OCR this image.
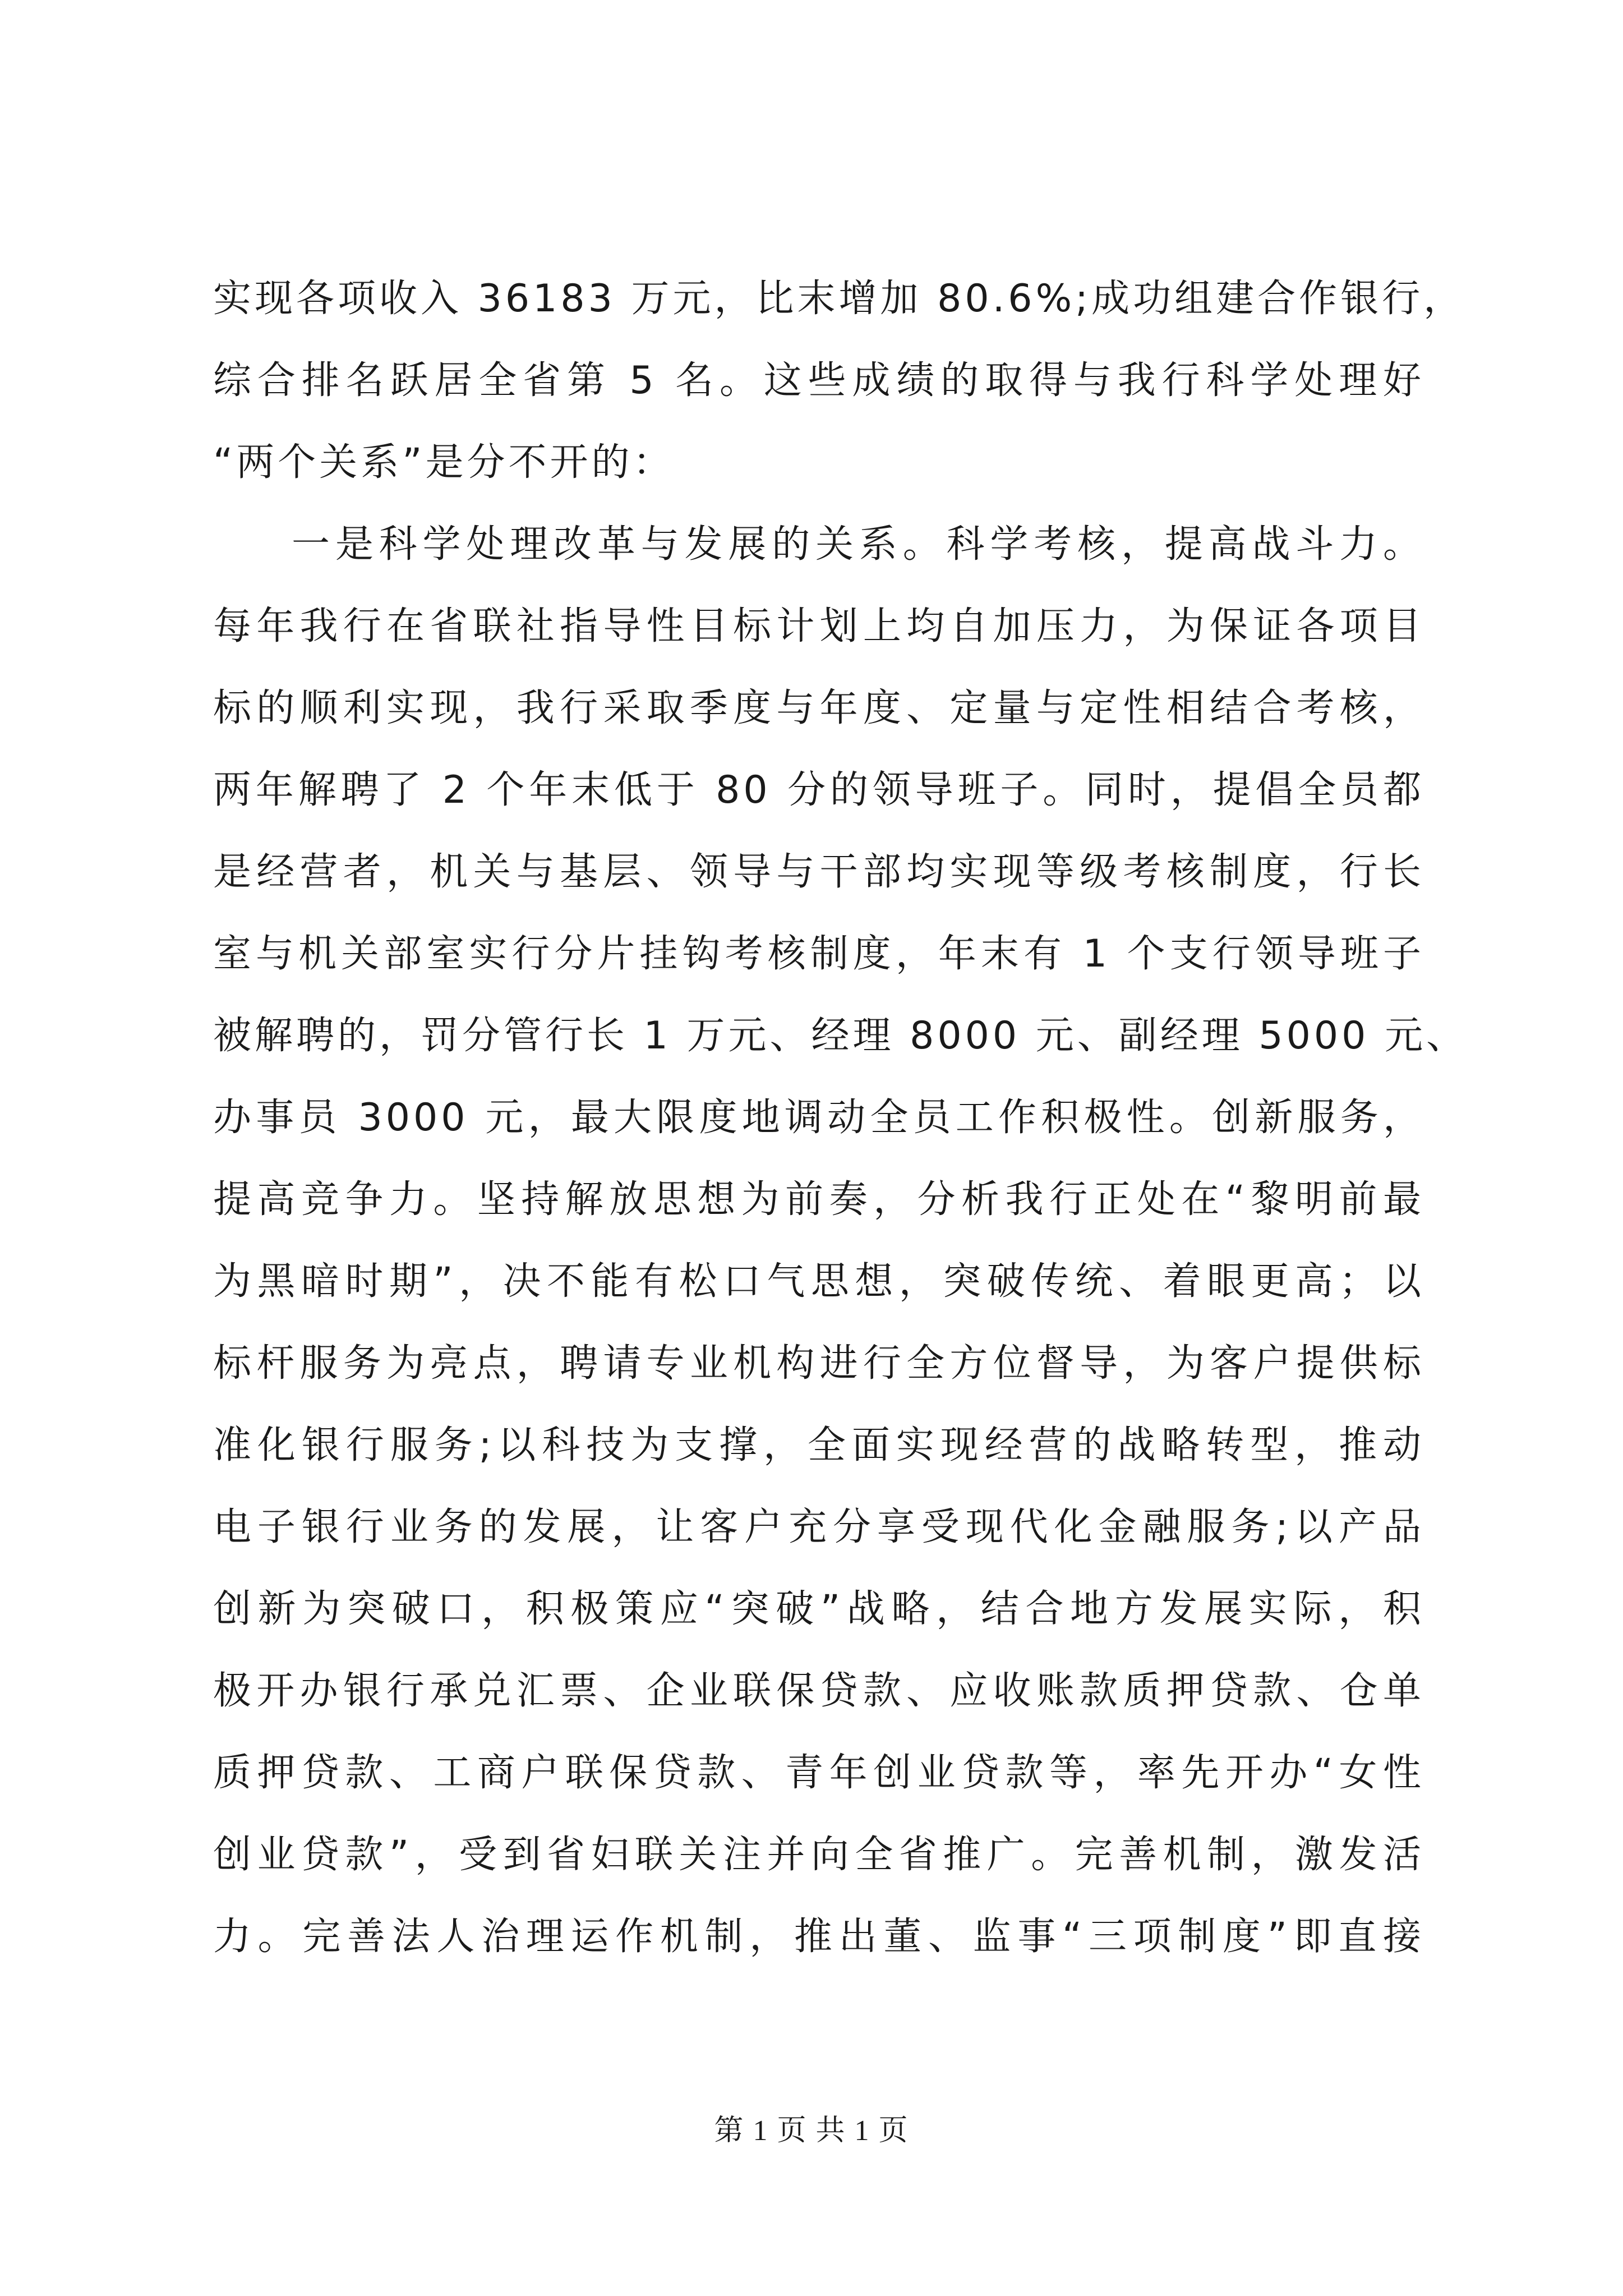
实现各项收入 36183 万元，比末增加 80.6%;成功组建合作银行，
综合排名跃居全省第 5 名。这些成绩的取得与我行科学处理好
“两个关系”是分不开的：
一是科学处理改革与发展的关系。科学考核，提高战斗力。
每年我行在省联社指导性目标计划上均自加压力，为保证各项目
标的顺利实现，我行采取季度与年度、定量与定性相结合考核，
两年解聘了 2 个年末低于 80 分的领导班子。同时，提倡全员都
是经营者，机关与基层、领导与干部均实现等级考核制度，行长
室与机关部室实行分片挂钩考核制度，年末有 1 个支行领导班子
被解聘的，罚分管行长 1 万元、经理 8000 元、副经理 5000 元、
办事员 3000 元，最大限度地调动全员工作积极性。创新服务，
提高竞争力。坚持解放思想为前奏，分析我行正处在“黎明前最
为黑暗时期”，决不能有松口气思想，突破传统、着眼更高；以
标杆服务为亮点，聘请专业机构进行全方位督导，为客户提供标
准化银行服务;以科技为支撑，全面实现经营的战略转型，推动
电子银行业务的发展，让客户充分享受现代化金融服务;以产品
创新为突破口，积极策应“突破”战略，结合地方发展实际，积
极开办银行承兑汇票、企业联保贷款、应收账款质押贷款、仓单
质押贷款、工商户联保贷款、青年创业贷款等，率先开办“女性
创业贷款”，受到省妇联关注并向全省推广。完善机制，激发活
力。完善法人治理运作机制，推出董、监事“三项制度”即直接
第 1 页 共 1 页
